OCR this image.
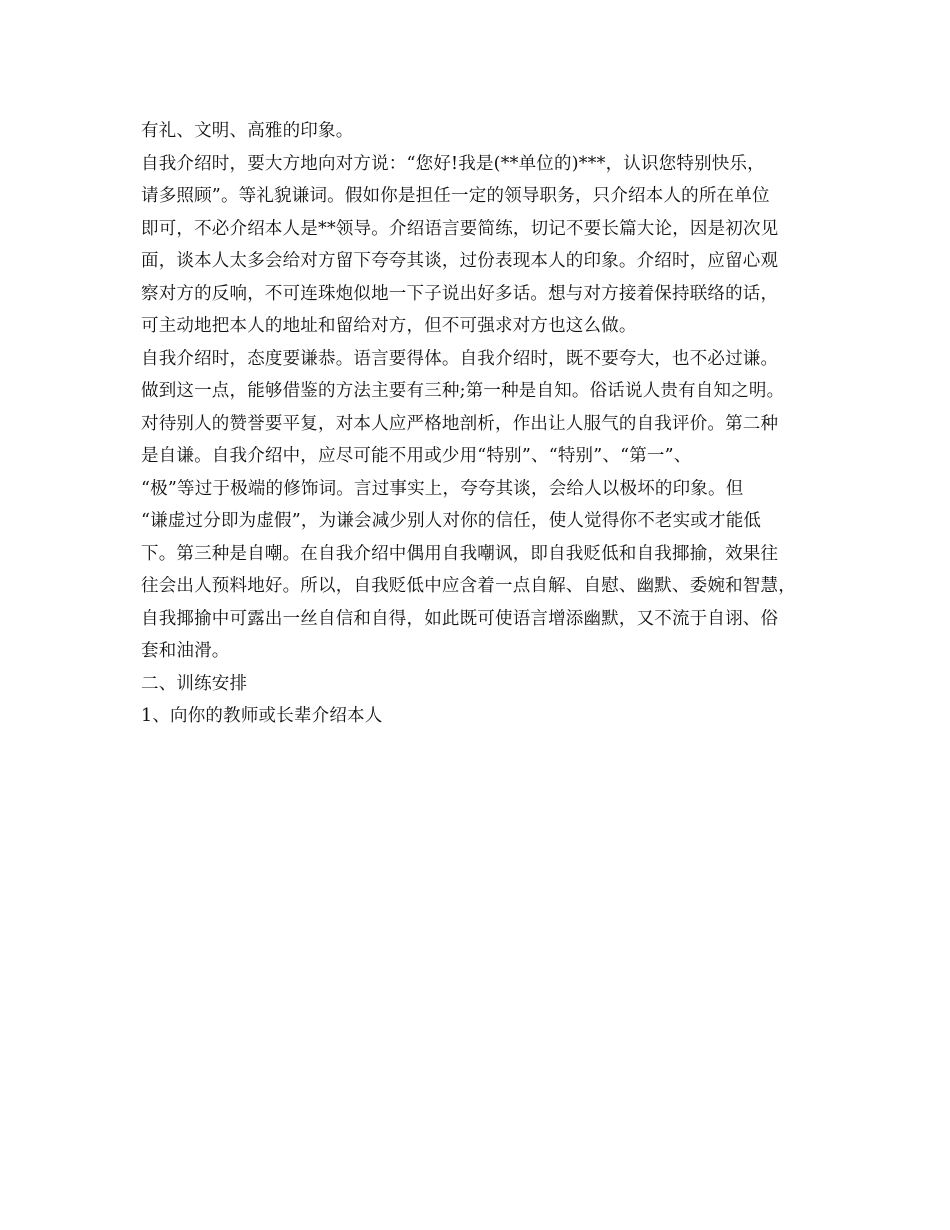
有礼、文明、高雅的印象。
自我介绍时，要大方地向对方说：“您好!我是(**单位的)***，认识您特别快乐，
请多照顾”。等礼貌谦词。假如你是担任一定的领导职务，只介绍本人的所在单位
即可，不必介绍本人是**领导。介绍语言要简练，切记不要长篇大论，因是初次见
面，谈本人太多会给对方留下夸夸其谈，过份表现本人的印象。介绍时，应留心观
察对方的反响，不可连珠炮似地一下子说出好多话。想与对方接着保持联络的话，
可主动地把本人的地址和留给对方，但不可强求对方也这么做。
自我介绍时，态度要谦恭。语言要得体。自我介绍时，既不要夸大，也不必过谦。
做到这一点，能够借鉴的方法主要有三种;第一种是自知。俗话说人贵有自知之明。
对待别人的赞誉要平复，对本人应严格地剖析，作出让人服气的自我评价。第二种
是自谦。自我介绍中，应尽可能不用或少用“特别”、“特别”、“第一”、
“极”等过于极端的修饰词。言过事实上，夸夸其谈，会给人以极坏的印象。但
“谦虚过分即为虚假”，为谦会减少别人对你的信任，使人觉得你不老实或才能低
下。第三种是自嘲。在自我介绍中偶用自我嘲讽，即自我贬低和自我揶揄，效果往
往会出人预料地好。所以，自我贬低中应含着一点自解、自慰、幽默、委婉和智慧，
自我揶揄中可露出一丝自信和自得，如此既可使语言增添幽默，又不流于自诩、俗
套和油滑。
二、训练安排
1、向你的教师或长辈介绍本人
